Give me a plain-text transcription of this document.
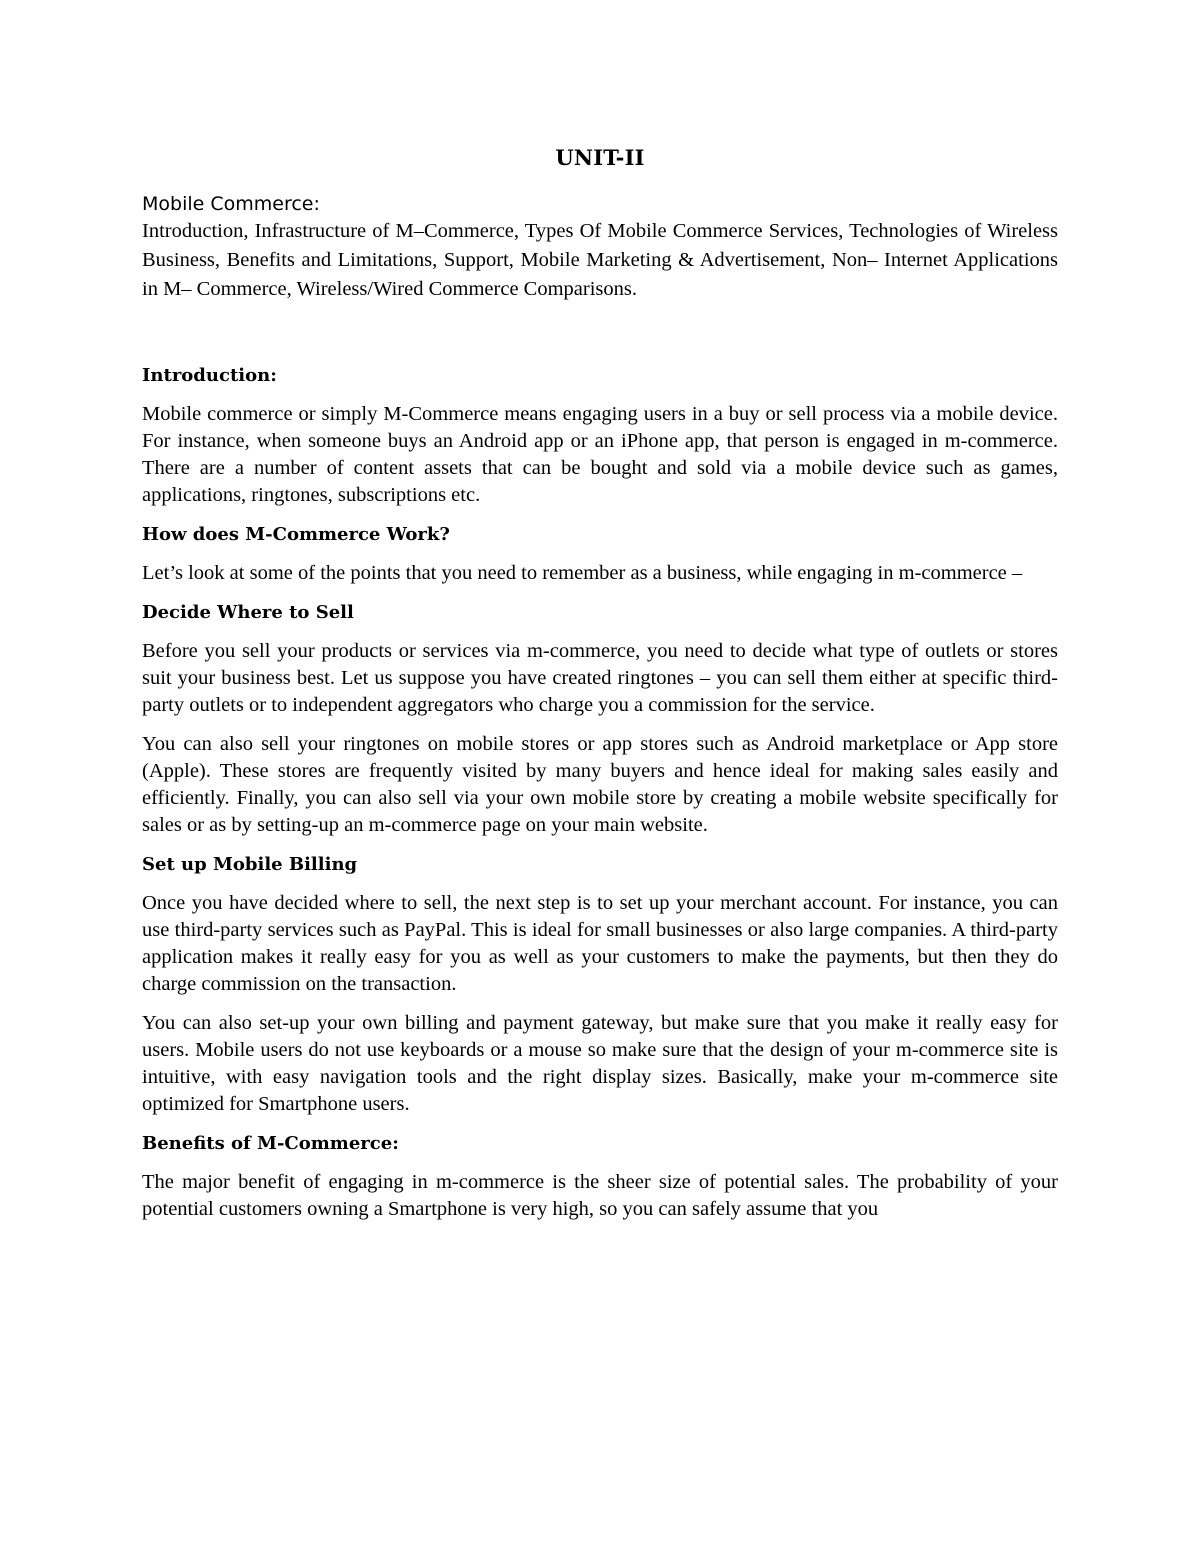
UNIT-II
Mobile Commerce:
Introduction, Infrastructure of M–Commerce, Types Of Mobile Commerce Services, Technologies of Wireless Business, Benefits and Limitations, Support, Mobile Marketing & Advertisement, Non– Internet Applications in M– Commerce, Wireless/Wired Commerce Comparisons.
Introduction:

Mobile commerce or simply M-Commerce means engaging users in a buy or sell process via a mobile device. For instance, when someone buys an Android app or an iPhone app, that person is engaged in m-commerce. There are a number of content assets that can be bought and sold via a mobile device such as games, applications, ringtones, subscriptions etc.

How does M-Commerce Work?

Let’s look at some of the points that you need to remember as a business, while engaging in m-commerce –

Decide Where to Sell

Before you sell your products or services via m-commerce, you need to decide what type of outlets or stores suit your business best. Let us suppose you have created ringtones – you can sell them either at specific third-party outlets or to independent aggregators who charge you a commission for the service.

You can also sell your ringtones on mobile stores or app stores such as Android marketplace or App store (Apple). These stores are frequently visited by many buyers and hence ideal for making sales easily and efficiently. Finally, you can also sell via your own mobile store by creating a mobile website specifically for sales or as by setting-up an m-commerce page on your main website.

Set up Mobile Billing

Once you have decided where to sell, the next step is to set up your merchant account. For instance, you can use third-party services such as PayPal. This is ideal for small businesses or also large companies. A third-party application makes it really easy for you as well as your customers to make the payments, but then they do charge commission on the transaction.

You can also set-up your own billing and payment gateway, but make sure that you make it really easy for users. Mobile users do not use keyboards or a mouse so make sure that the design of your m-commerce site is intuitive, with easy navigation tools and the right display sizes. Basically, make your m-commerce site optimized for Smartphone users.

Benefits of M-Commerce:

The major benefit of engaging in m-commerce is the sheer size of potential sales. The probability of your potential customers owning a Smartphone is very high, so you can safely assume that you
